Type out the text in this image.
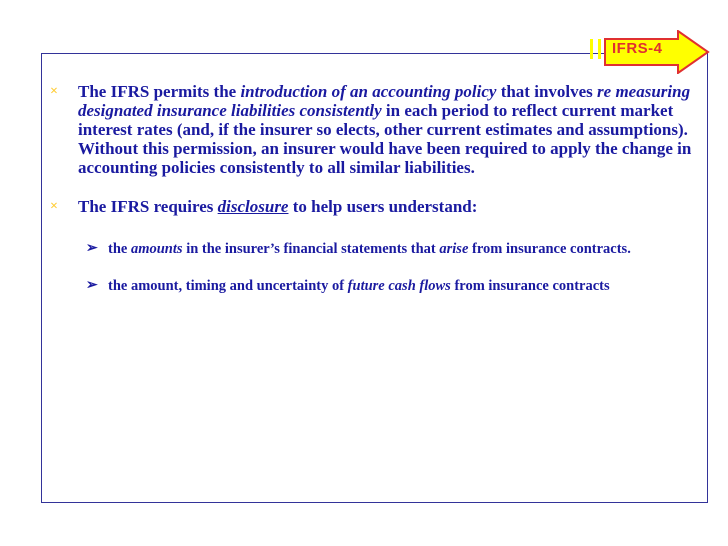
IFRS-4
× The IFRS permits the introduction of an accounting policy that involves re measuring designated insurance liabilities consistently in each period to reflect current market interest rates (and, if the insurer so elects, other current estimates and assumptions). Without this permission, an insurer would have been required to apply the change in accounting policies consistently to all similar liabilities.
× The IFRS requires disclosure to help users understand:
➢ the amounts in the insurer’s financial statements that arise from insurance contracts.
➢ the amount, timing and uncertainty of future cash flows from insurance contracts
